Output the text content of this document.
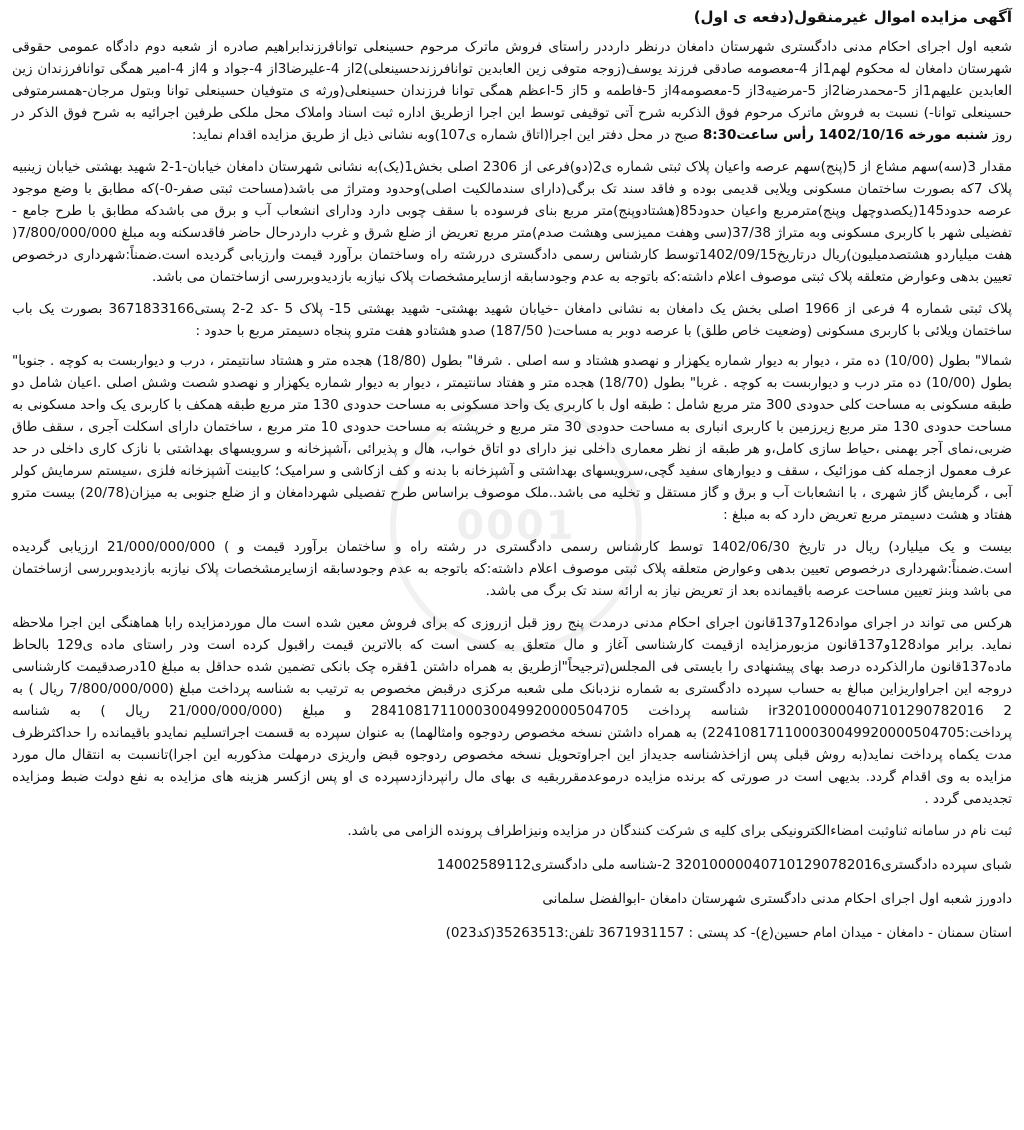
آگهی مزایده اموال غیرمنقول(دفعه ی اول)
شعبه اول اجرای احکام مدنی دادگستری شهرستان دامغان درنظر دارددر راستای فروش ماترک مرحوم حسینعلی توانافرزندابراهیم صادره از شعبه دوم دادگاه عمومی حقوقی شهرستان دامغان له محکوم لهم1از 4-معصومه صادقی فرزند یوسف(زوجه متوفی زین العابدین توانافرزندحسینعلی)2از 4-علیرضا3از 4-جواد و 4از 4-امیر همگی توانافرزندان زین العابدین علیهم1از 5-محمدرضا2از 5-مرضیه3از 5-معصومه4از 5-فاطمه و 5از 5-اعظم همگی توانا فرزندان حسینعلی(ورثه ی متوفیان حسینعلی توانا وبتول مرجان-همسرمتوفی حسینعلی توانا-) نسبت به فروش ماترک مرحوم فوق الذکربه شرح آتی توقیفی توسط این اجرا ازطریق اداره ثبت اسناد واملاک محل ملکی طرفین اجرائیه به شرح فوق الذکر در روز شنبه مورخه 1402/10/16 رأس ساعت8:30 صبح در محل دفتر این اجرا(اتاق شماره ی107)وبه نشانی ذیل از طریق مزایده اقدام نماید:
مقدار 3(سه)سهم مشاع از 5(پنج)سهم عرصه واعیان پلاک ثبتی شماره ی2(دو)فرعی از 2306 اصلی بخش1(یک)به نشانی شهرستان دامغان خیابان-1-2 شهید بهشتی خیابان زینبیه پلاک 7که بصورت ساختمان مسکونی ویلایی قدیمی بوده و فاقد سند تک برگی(دارای سندمالکیت اصلی)وحدود ومتراژ می باشد(مساحت ثبتی صفر-0-)که مطابق با وضع موجود عرصه حدود145(یکصدوچهل وپنج)مترمربع واعیان حدود85(هشتادوپنج)متر مربع بنای فرسوده با سقف چوبی دارد ودارای انشعاب آب و برق می باشدکه مطابق با طرح جامع - تفضیلی شهر با کاربری مسکونی وبه متراژ 37/38(سی وهفت ممیزسی وهشت صدم)متر مربع تعریض از ضلع شرق و غرب داردرحال حاضر فاقدسکنه وبه مبلغ 7/800/000/000( هفت میلیاردو هشتصدمیلیون)ریال درتاریخ1402/09/15توسط کارشناس رسمی دادگستری دررشته راه وساختمان برآورد قیمت وارزیابی گردیده است.ضمناً:شهرداری درخصوص تعیین بدهی وعوارض متعلقه پلاک ثبتی موصوف اعلام داشته:که باتوجه به عدم وجودسابقه ازسایرمشخصات پلاک نیازبه بازدیدوبررسی ازساختمان می باشد.
پلاک ثبتی شماره 4 فرعی از 1966 اصلی بخش یک دامغان به نشانی دامغان -خیابان شهید بهشتی- شهید بهشتی 15- پلاک 5 -کد 2-2 پستی3671833166 بصورت یک باب ساختمان ویلائی با کاربری مسکونی (وضعیت خاص طلق) با عرصه دوبر به مساحت( 187/50) صدو هشتادو هفت مترو پنجاه دسیمتر مربع با حدود :
شمالا" بطول (10/00) ده متر ، دیوار به دیوار شماره یکهزار و نهصدو هشتاد و سه اصلی . شرقا" بطول (18/80) هجده متر و هشتاد سانتیمتر ، درب و دیواربست به کوچه . جنوبا" بطول (10/00) ده متر درب و دیواربست به کوچه . غربا" بطول (18/70) هجده متر و هفتاد سانتیمتر ، دیوار به دیوار شماره یکهزار و نهصدو شصت وشش اصلی .اعیان شامل دو طبقه مسکونی به مساحت کلی حدودی 300 متر مربع شامل : طبقه اول با کاربری یک واحد مسکونی به مساحت حدودی 130 متر مربع طبقه همکف با کاربری یک واحد مسکونی به مساحت حدودی 130 متر مربع زیرزمین با کاربری انباری به مساحت حدودی 30 متر مربع و خرپشته به مساحت حدودی 10 متر مربع ، ساختمان دارای اسکلت آجری ، سقف طاق ضربی،نمای آجر بهمنی ،حیاط سازی کامل،و هر طبقه از نظر معماری داخلی نیز دارای دو اتاق خواب، هال و پذیرائی ،آشپزخانه و سرویسهای بهداشتی با نازک کاری داخلی در حد عرف معمول ازجمله کف موزائیک ، سقف و دیوارهای سفید گچی،سرویسهای بهداشتی و آشپزخانه با بدنه و کف ازکاشی و سرامیک؛ کابینت آشپزخانه فلزی ،سیستم سرمایش کولر آبی ، گرمایش گاز شهری ، با انشعابات آب و برق و گاز مستقل و تخلیه می باشد..ملک موصوف براساس طرح تفصیلی شهردامغان و از ضلع جنوبی به میزان(20/78) بیست مترو هفتاد و هشت دسیمتر مربع تعریض دارد که به مبلغ :
بیست و یک میلیارد) ریال در تاریخ 1402/06/30 توسط کارشناس رسمی دادگستری در رشته راه و ساختمان برآورد قیمت و ) 21/000/000/000 ارزیابی گردیده است.ضمناً:شهرداری درخصوص تعیین بدهی وعوارض متعلقه پلاک ثبتی موصوف اعلام داشته:که باتوجه به عدم وجودسابقه ازسایرمشخصات پلاک نیازبه بازدیدوبررسی ازساختمان می باشد وبنز تعیین مساحت عرصه باقیمانده بعد از تعریض نیاز به ارائه سند تک برگ می باشد.
هرکس می تواند در اجرای مواد126و137قانون اجرای احکام مدنی درمدت پنج روز قبل ازروزی که برای فروش معین شده است مال موردمزایده رابا هماهنگی این اجرا ملاحظه نماید. برابر مواد128و137قانون مزبورمزایده ازقیمت کارشناسی آغاز و مال متعلق به کسی است که بالاترین قیمت راقبول کرده است ودر راستای ماده ی129 بالحاظ ماده137قانون مارالذکرده درصد بهای پیشنهادی را بایستی فی المجلس(ترجیحاً"ازطریق به همراه داشتن 1فقره چک بانکی تضمین شده حداقل به مبلغ 10درصدقیمت کارشناسی دروجه این اجراواریزاین مبالغ به حساب سپرده دادگستری به شماره نزدبانک ملی شعبه مرکزی درقبض مخصوص به ترتیب به شناسه پرداخت مبلغ (7/800/000/000 ریال ) به ir320100000407101290782016 2 شناسه پرداخت 284108171100030049920000504705 و مبلغ (21/000/000/000 ریال ) به شناسه پرداخت:224108171100030049920000504705) به همراه داشتن نسخه مخصوص ردوجوه وامثالهما) به عنوان سپرده به قسمت اجراتسلیم نمایدو باقیمانده را حداکثرظرف مدت یکماه پرداخت نماید(به روش قبلی پس ازاخذشناسه جدیداز این اجراوتحویل نسخه مخصوص ردوجوه قبض واریزی درمهلت مذکوربه این اجرا)تانسبت به انتقال مال مورد مزایده به وی اقدام گردد. بدیهی است در صورتی که برنده مزایده درموعدمقرربقیه ی بهای مال رانپردازدسپرده ی او پس ازکسر هزینه های مزایده به نفع دولت ضبط ومزایده تجدیدمی گردد .
ثبت نام در سامانه ثناوثبت امضاءالکترونیکی برای کلیه ی شرکت کنندگان در مزایده ونیزاطراف پرونده الزامی می باشد.
شبای سپرده دادگستری320100000407101290782016 2-شناسه ملی دادگستری14002589112
دادورز شعبه اول اجرای احکام مدنی دادگستری شهرستان دامغان -ابوالفضل سلمانی
استان سمنان - دامغان - میدان امام حسین(ع)- کد پستی : 3671931157 تلفن:35263513(کد023)
0001
